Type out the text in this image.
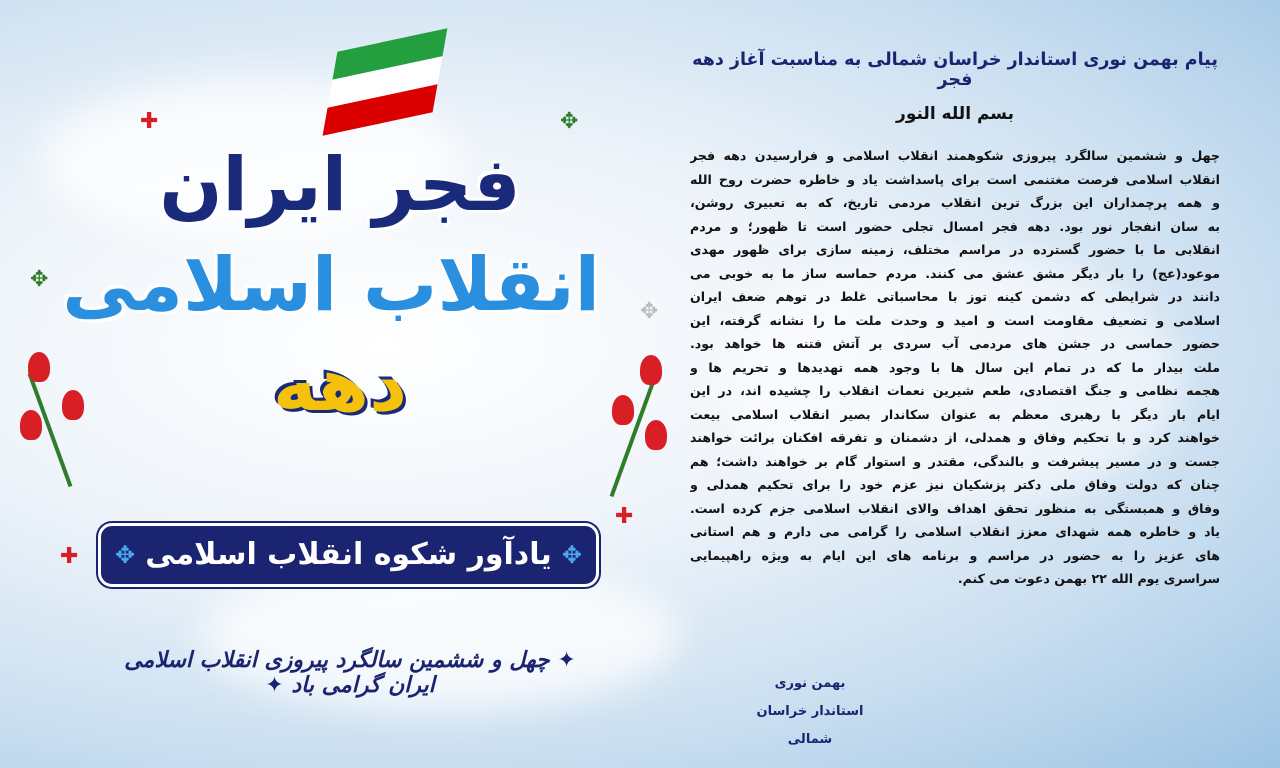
فجر ایران
انقلاب اسلامی
دهه
✚	✥
✥
✥
✚
✚	✥
یادآور شکوه انقلاب اسلامی
✥
✦ چهل و ششمین سالگرد پیروزی انقلاب اسلامی ایران گرامی باد ✦
پیام بهمن نوری استاندار خراسان شمالی به مناسبت آغاز دهه فجر
بسم الله النور
چهل و ششمین سالگرد پیروزی شکوهمند انقلاب اسلامی و فرارسیدن دهه فجر
انقلاب اسلامی فرصت مغتنمی است برای پاسداشت یاد و خاطره حضرت روح الله
و همه پرچمداران این بزرگ ترین انقلاب مردمی تاریخ، که به تعبیری روشن،
به سان انفجار نور بود. دهه فجر امسال تجلی حضور است تا ظهور؛ و مردم
انقلابی ما با حضور گسترده در مراسم مختلف، زمینه سازی برای ظهور مهدی
موعود(عج) را بار دیگر مشق عشق می کنند. مردم حماسه ساز ما به خوبی می
دانند در شرایطی که دشمن کینه توز با محاسباتی غلط در توهم ضعف ایران
اسلامی و تضعیف مقاومت است و امید و وحدت ملت ما را نشانه گرفته، این
حضور حماسی در جشن های مردمی آب سردی بر آتش فتنه ها خواهد بود.
ملت بیدار ما که در تمام این سال ها با وجود همه تهدیدها و تحریم ها و
هجمه نظامی و جنگ اقتصادی، طعم شیرین نعمات انقلاب را چشیده اند، در این
ایام بار دیگر با رهبری معظم به عنوان سکاندار بصیر انقلاب اسلامی بیعت
خواهند کرد و با تحکیم وفاق و همدلی، از دشمنان و تفرقه افکنان برائت خواهند
جست و در مسیر پیشرفت و بالندگی، مقتدر و استوار گام بر خواهند داشت؛ هم
چنان که دولت وفاق ملی دکتر پزشکیان نیز عزم خود را برای تحکیم همدلی و
وفاق و همبستگی به منظور تحقق اهداف والای انقلاب اسلامی جزم کرده است.
یاد و خاطره همه شهدای معزز انقلاب اسلامی را گرامی می دارم و هم استانی
های عزیز را به حضور در مراسم و برنامه های این ایام به ویژه راهپیمایی
سراسری یوم الله ۲۲ بهمن دعوت می کنم.
بهمن نوری
استاندار خراسان شمالی
